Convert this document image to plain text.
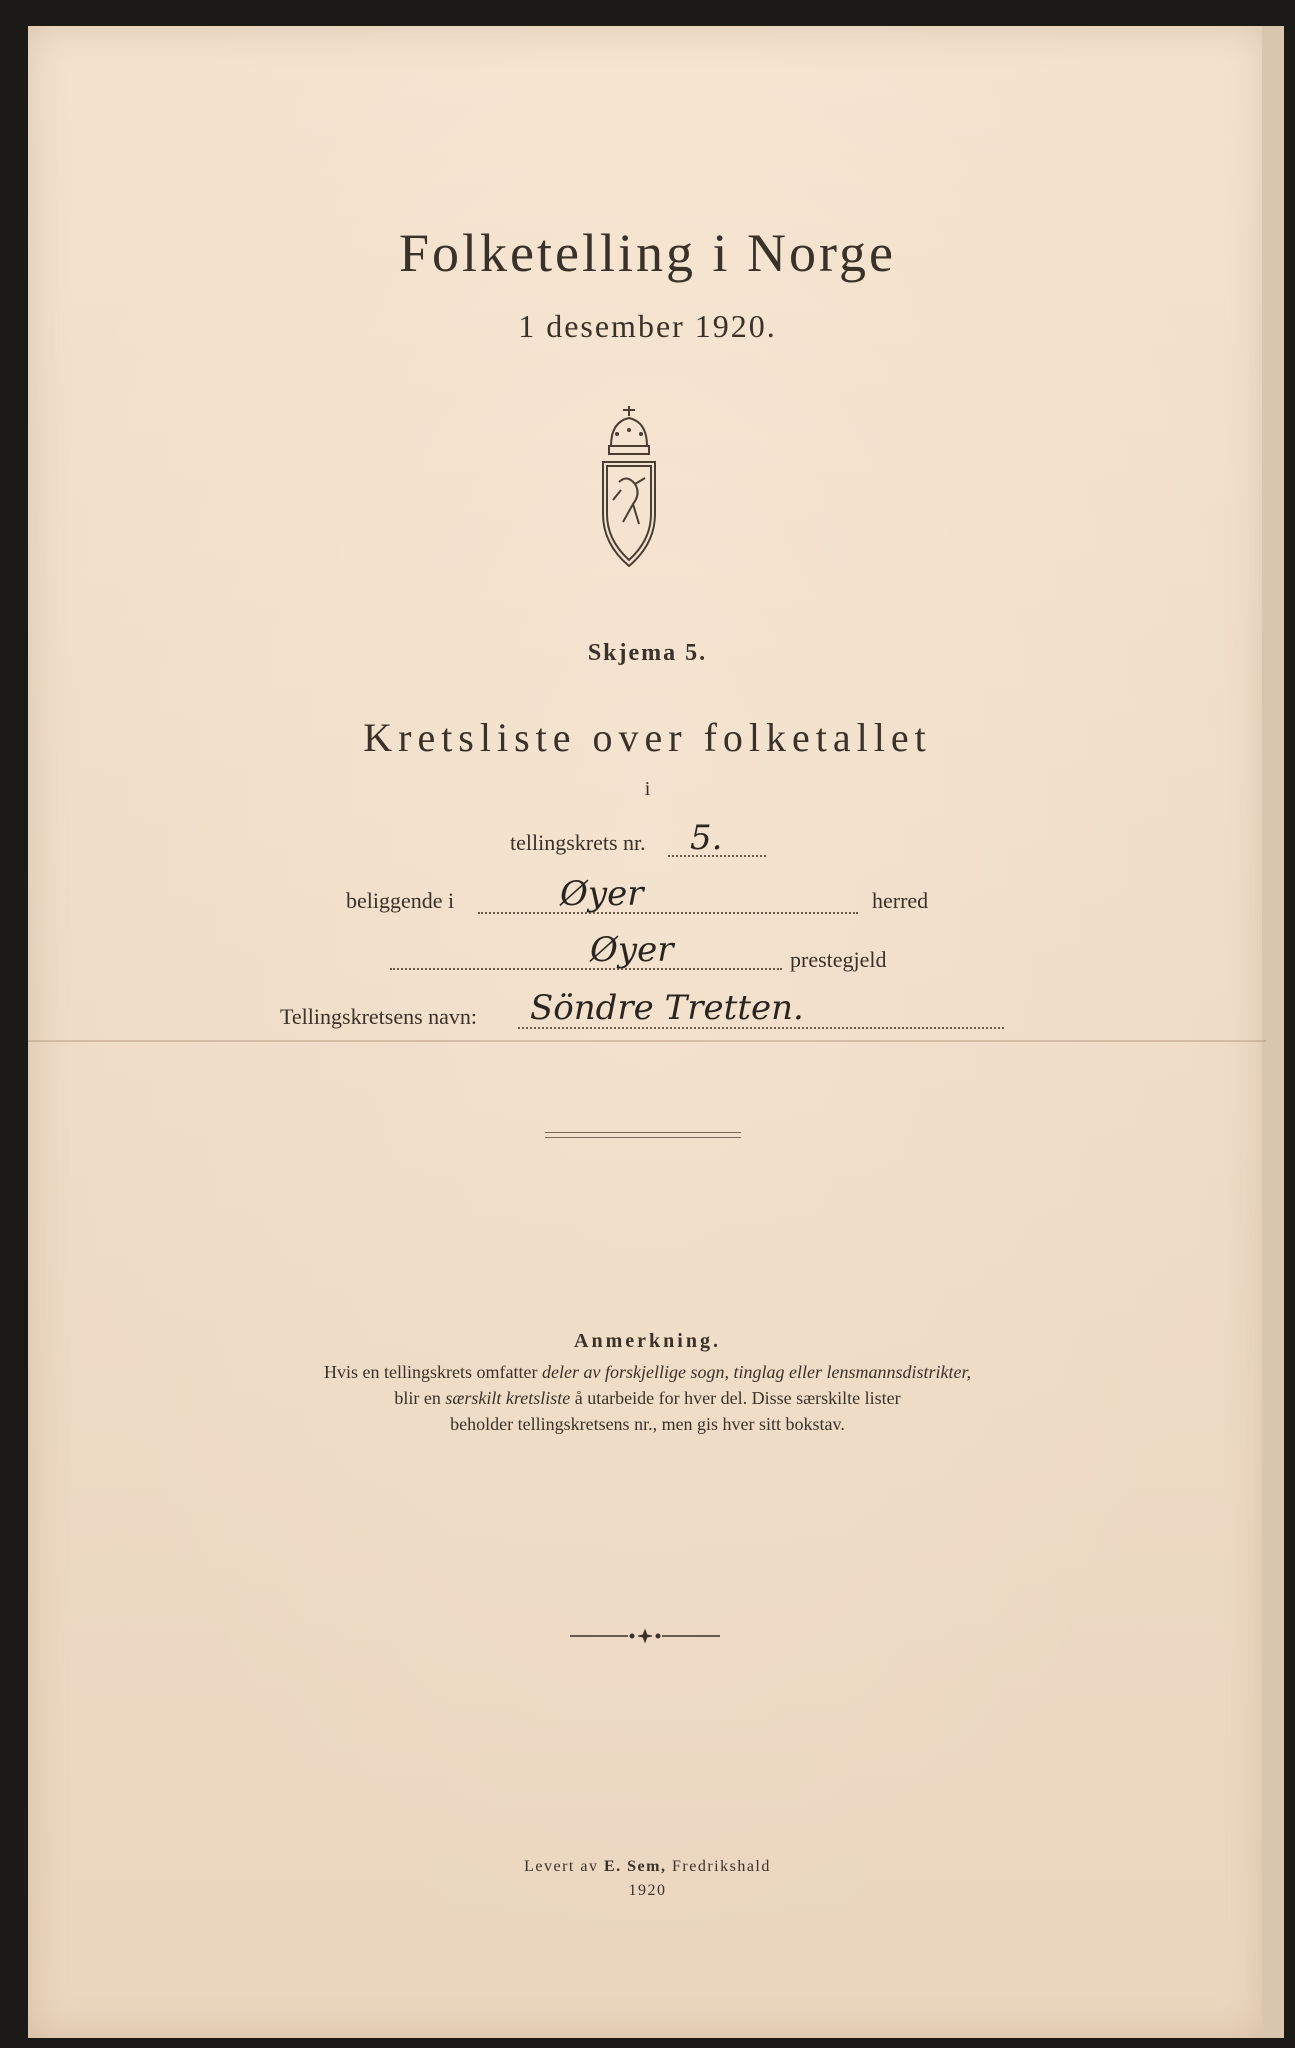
Folketelling i Norge
1 desember 1920.
Skjema 5.
Kretsliste over folketallet
i
tellingskrets nr. 5.
beliggende i	Øyer	herred
Øyer	prestegjeld
Tellingskretsens navn: Söndre Tretten.
Anmerkning.
Hvis en tellingskrets omfatter deler av forskjellige sogn, tinglag eller lensmannsdistrikter,
blir en særskilt kretsliste å utarbeide for hver del. Disse særskilte lister
beholder tellingskretsens nr., men gis hver sitt bokstav.
Levert av E. Sem, Fredrikshald
1920
